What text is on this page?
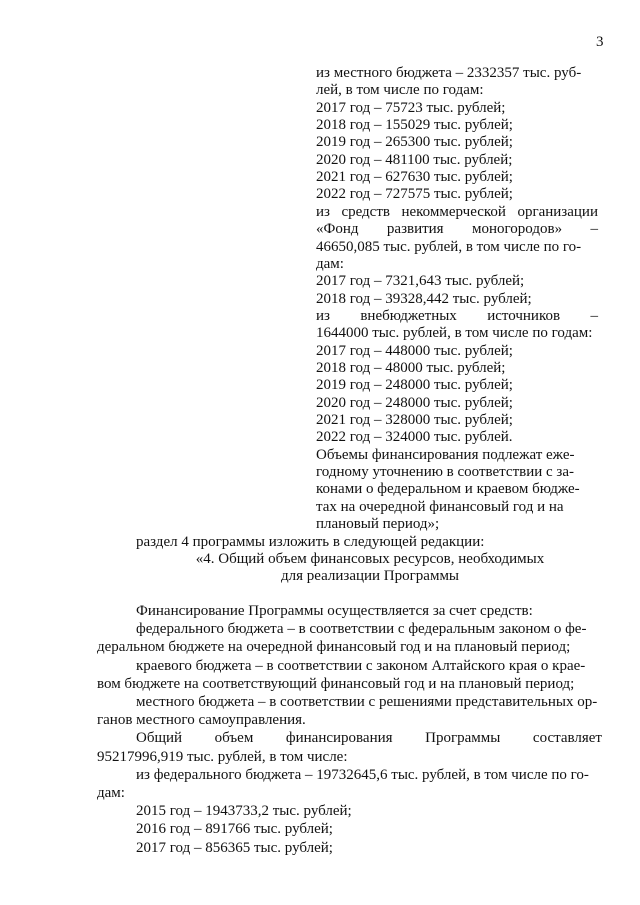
3
из местного бюджета – 2332357 тыс. руб-
лей, в том числе по годам:
2017 год – 75723 тыс. рублей;
2018 год – 155029 тыс. рублей;
2019 год – 265300 тыс. рублей;
2020 год – 481100 тыс. рублей;
2021 год – 627630 тыс. рублей;
2022 год – 727575 тыс. рублей;
из средств некоммерческой организации
«Фонд развития моногородов» –
46650,085 тыс. рублей, в том числе по го-
дам:
2017 год – 7321,643 тыс. рублей;
2018 год – 39328,442 тыс. рублей;
из внебюджетных источников –
1644000 тыс. рублей, в том числе по годам:
2017 год – 448000 тыс. рублей;
2018 год – 48000 тыс. рублей;
2019 год – 248000 тыс. рублей;
2020 год – 248000 тыс. рублей;
2021 год – 328000 тыс. рублей;
2022 год – 324000 тыс. рублей.
Объемы финансирования подлежат еже-
годному уточнению в соответствии с за-
конами о федеральном и краевом бюдже-
тах на очередной финансовый год и на
плановый период»;
раздел 4 программы изложить в следующей редакции:
«4. Общий объем финансовых ресурсов, необходимых
для реализации Программы
Финансирование Программы осуществляется за счет средств:
федерального бюджета – в соответствии с федеральным законом о фе-
деральном бюджете на очередной финансовый год и на плановый период;
краевого бюджета – в соответствии с законом Алтайского края о крае-
вом бюджете на соответствующий финансовый год и на плановый период;
местного бюджета – в соответствии с решениями представительных ор-
ганов местного самоуправления.
Общий объем финансирования Программы составляет
95217996,919 тыс. рублей, в том числе:
из федерального бюджета – 19732645,6 тыс. рублей, в том числе по го-
дам:
2015 год – 1943733,2 тыс. рублей;
2016 год – 891766 тыс. рублей;
2017 год – 856365 тыс. рублей;
